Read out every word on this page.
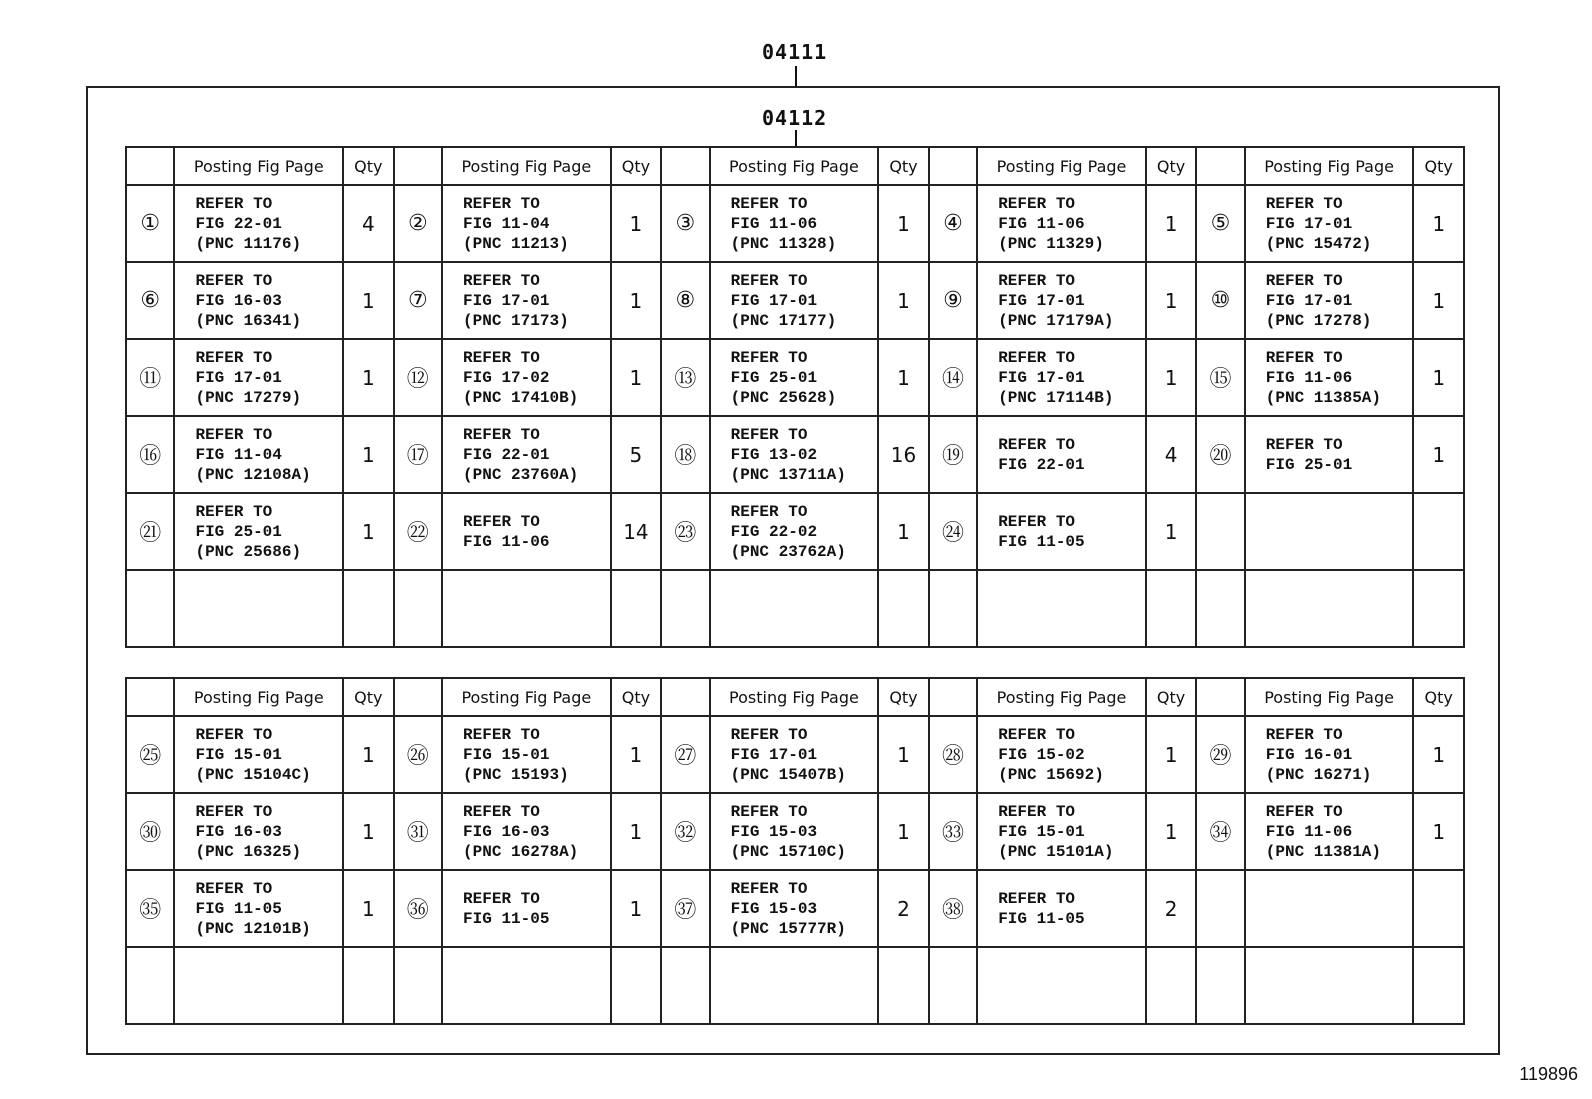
04111
04112
	Posting Fig Page	Qty		Posting Fig Page	Qty		Posting Fig Page	Qty		Posting Fig Page	Qty		Posting Fig Page	Qty
①	REFER TO
FIG 22-01
(PNC 11176)	4	②	REFER TO
FIG 11-04
(PNC 11213)	1	③	REFER TO
FIG 11-06
(PNC 11328)	1	④	REFER TO
FIG 11-06
(PNC 11329)	1	⑤	REFER TO
FIG 17-01
(PNC 15472)	1
⑥	REFER TO
FIG 16-03
(PNC 16341)	1	⑦	REFER TO
FIG 17-01
(PNC 17173)	1	⑧	REFER TO
FIG 17-01
(PNC 17177)	1	⑨	REFER TO
FIG 17-01
(PNC 17179A)	1	⑩	REFER TO
FIG 17-01
(PNC 17278)	1
⑪	REFER TO
FIG 17-01
(PNC 17279)	1	⑫	REFER TO
FIG 17-02
(PNC 17410B)	1	⑬	REFER TO
FIG 25-01
(PNC 25628)	1	⑭	REFER TO
FIG 17-01
(PNC 17114B)	1	⑮	REFER TO
FIG 11-06
(PNC 11385A)	1
⑯	REFER TO
FIG 11-04
(PNC 12108A)	1	⑰	REFER TO
FIG 22-01
(PNC 23760A)	5	⑱	REFER TO
FIG 13-02
(PNC 13711A)	16	⑲	REFER TO
FIG 22-01	4	⑳	REFER TO
FIG 25-01	1
㉑	REFER TO
FIG 25-01
(PNC 25686)	1	㉒	REFER TO
FIG 11-06	14	㉓	REFER TO
FIG 22-02
(PNC 23762A)	1	㉔	REFER TO
FIG 11-05	1			

	Posting Fig Page	Qty		Posting Fig Page	Qty		Posting Fig Page	Qty		Posting Fig Page	Qty		Posting Fig Page	Qty
㉕	REFER TO
FIG 15-01
(PNC 15104C)	1	㉖	REFER TO
FIG 15-01
(PNC 15193)	1	㉗	REFER TO
FIG 17-01
(PNC 15407B)	1	㉘	REFER TO
FIG 15-02
(PNC 15692)	1	㉙	REFER TO
FIG 16-01
(PNC 16271)	1
㉚	REFER TO
FIG 16-03
(PNC 16325)	1	㉛	REFER TO
FIG 16-03
(PNC 16278A)	1	㉜	REFER TO
FIG 15-03
(PNC 15710C)	1	㉝	REFER TO
FIG 15-01
(PNC 15101A)	1	㉞	REFER TO
FIG 11-06
(PNC 11381A)	1
㉟	REFER TO
FIG 11-05
(PNC 12101B)	1	㊱	REFER TO
FIG 11-05	1	㊲	REFER TO
FIG 15-03
(PNC 15777R)	2	㊳	REFER TO
FIG 11-05	2			

119896
